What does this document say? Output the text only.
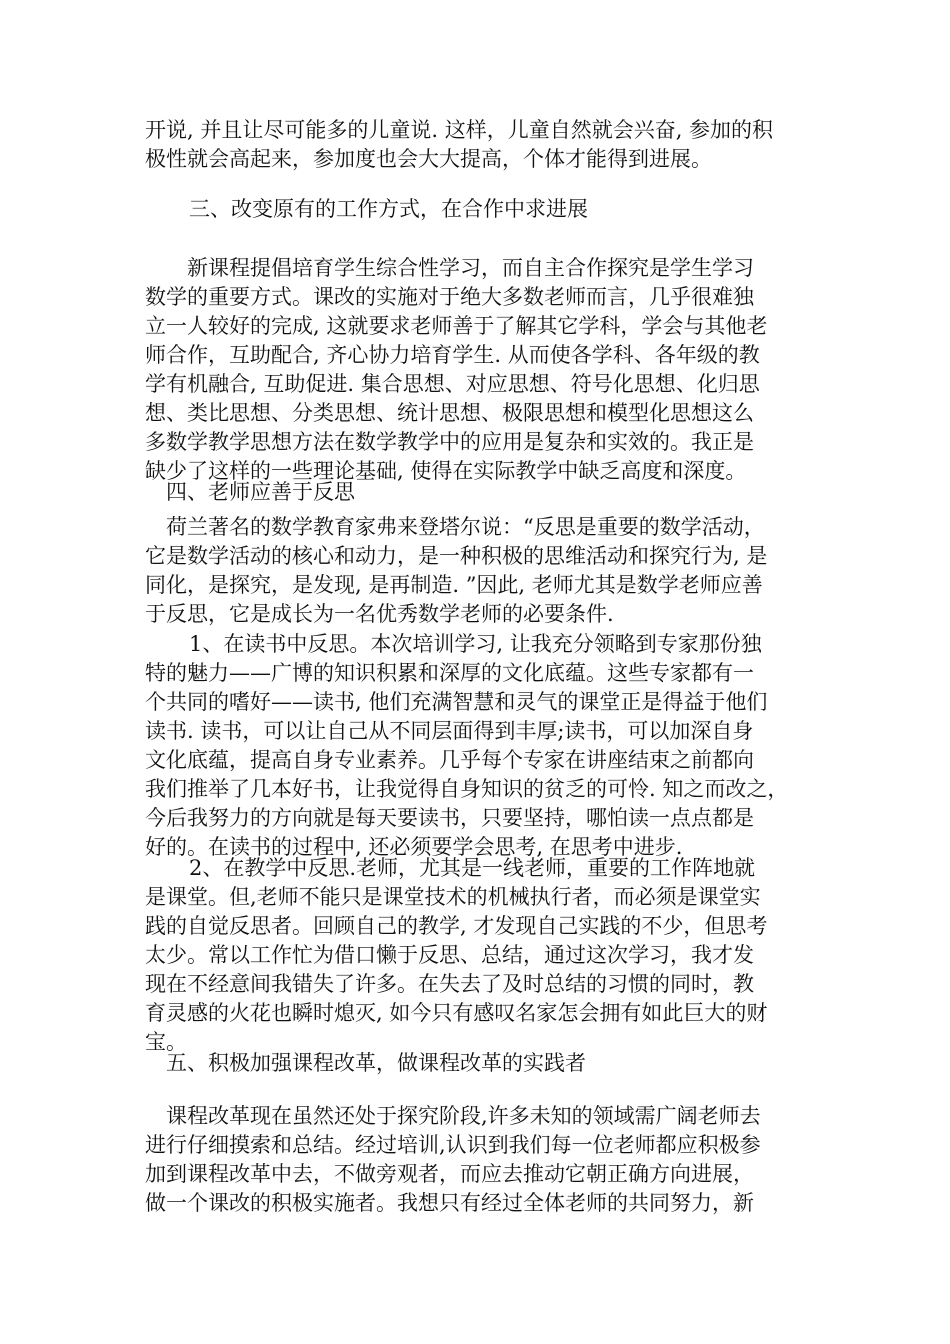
开说, 并且让尽可能多的儿童说. 这样，儿童自然就会兴奋, 参加的积
极性就会高起来，参加度也会大大提高，个体才能得到进展。
三、改变原有的工作方式，在合作中求进展
新课程提倡培育学生综合性学习，而自主合作探究是学生学习
数学的重要方式。课改的实施对于绝大多数老师而言，几乎很难独
立一人较好的完成, 这就要求老师善于了解其它学科，学会与其他老
师合作，互助配合, 齐心协力培育学生. 从而使各学科、各年级的教
学有机融合, 互助促进. 集合思想、对应思想、符号化思想、化归思
想、类比思想、分类思想、统计思想、极限思想和模型化思想这么
多数学教学思想方法在数学教学中的应用是复杂和实效的。我正是
缺少了这样的一些理论基础, 使得在实际教学中缺乏高度和深度。
四、老师应善于反思
荷兰著名的数学教育家弗来登塔尔说：“反思是重要的数学活动，
它是数学活动的核心和动力，是一种积极的思维活动和探究行为, 是
同化，是探究，是发现, 是再制造. ”因此, 老师尤其是数学老师应善
于反思，它是成长为一名优秀数学老师的必要条件.
1、在读书中反思。本次培训学习, 让我充分领略到专家那份独
特的魅力——广博的知识积累和深厚的文化底蕴。这些专家都有一
个共同的嗜好——读书, 他们充满智慧和灵气的课堂正是得益于他们
读书. 读书，可以让自己从不同层面得到丰厚;读书，可以加深自身
文化底蕴，提高自身专业素养。几乎每个专家在讲座结束之前都向
我们推举了几本好书，让我觉得自身知识的贫乏的可怜. 知之而改之，
今后我努力的方向就是每天要读书，只要坚持，哪怕读一点点都是
好的。在读书的过程中, 还必须要学会思考, 在思考中进步.
2、在教学中反思.老师，尤其是一线老师，重要的工作阵地就
是课堂。但,老师不能只是课堂技术的机械执行者，而必须是课堂实
践的自觉反思者。回顾自己的教学, 才发现自己实践的不少，但思考
太少。常以工作忙为借口懒于反思、总结，通过这次学习，我才发
现在不经意间我错失了许多。在失去了及时总结的习惯的同时，教
育灵感的火花也瞬时熄灭, 如今只有感叹名家怎会拥有如此巨大的财
宝。
五、积极加强课程改革，做课程改革的实践者
课程改革现在虽然还处于探究阶段,许多未知的领域需广阔老师去
进行仔细摸索和总结。经过培训,认识到我们每一位老师都应积极参
加到课程改革中去，不做旁观者，而应去推动它朝正确方向进展，
做一个课改的积极实施者。我想只有经过全体老师的共同努力，新
